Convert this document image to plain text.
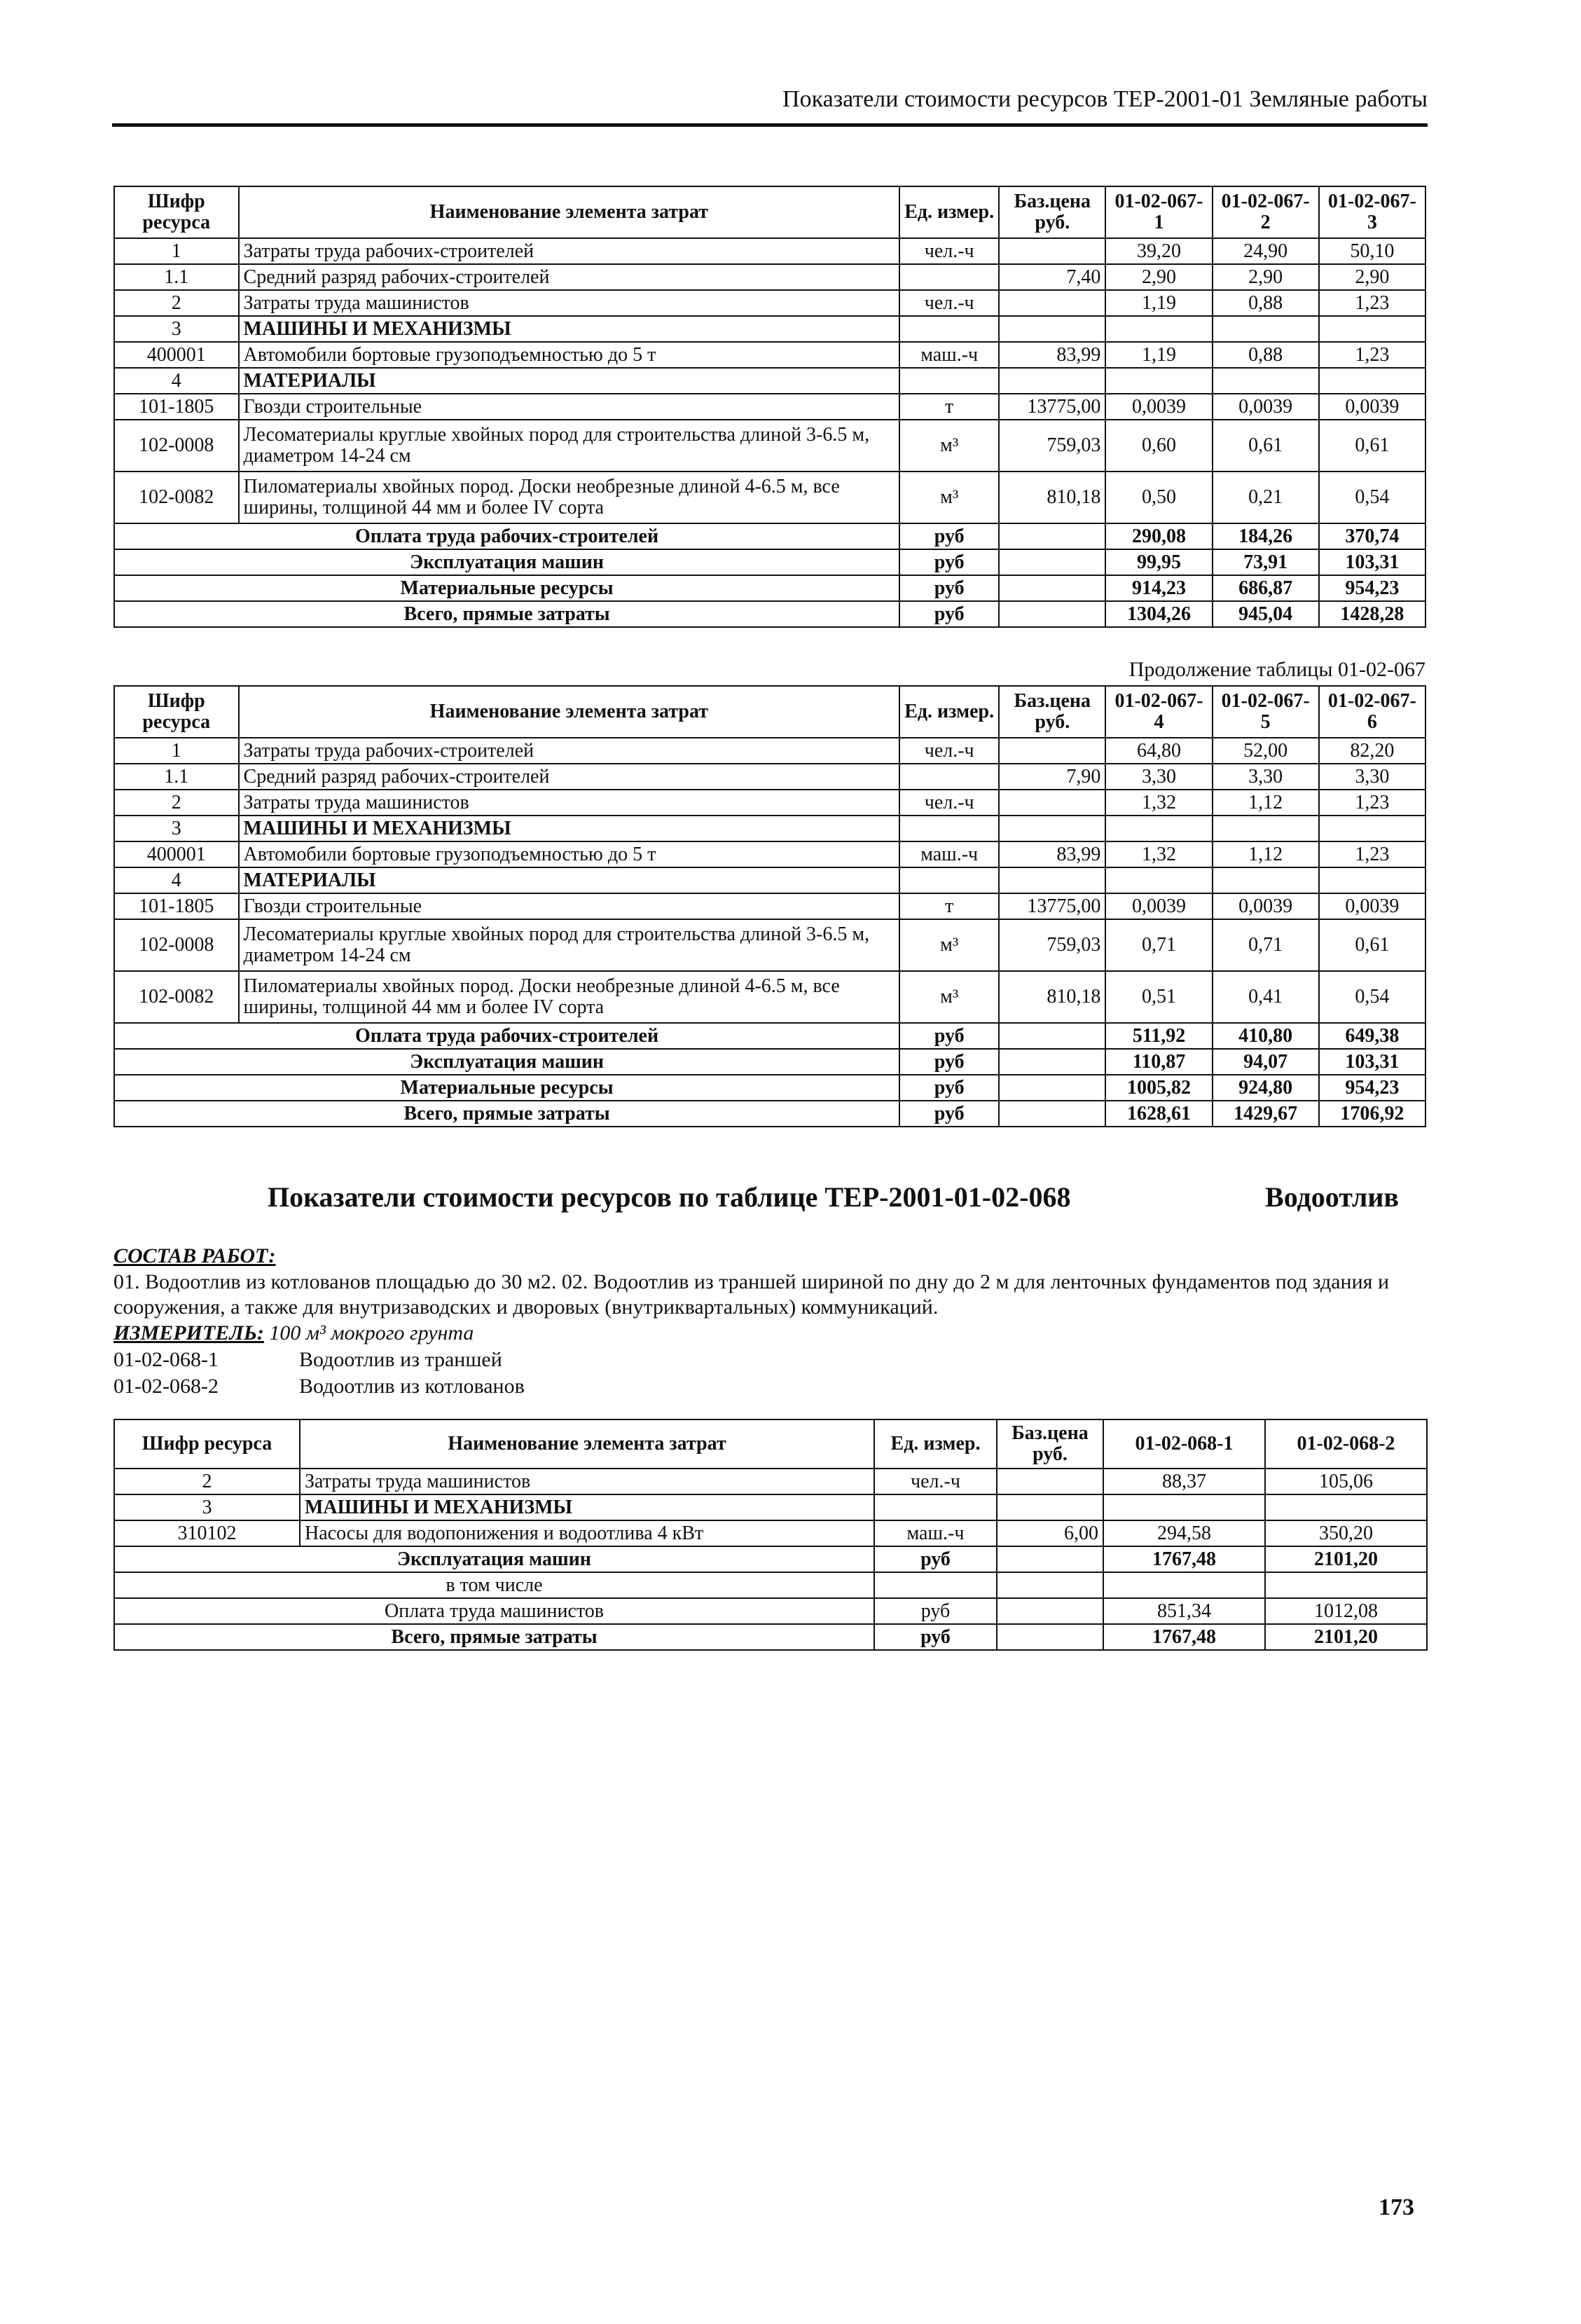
Показатели стоимости ресурсов ТЕР-2001-01 Земляные работы
Шифр ресурса	Наименование элемента затрат	Ед. измер.	Баз.цена руб.	01-02-067-1	01-02-067-2	01-02-067-3
1	Затраты труда рабочих-строителей	чел.-ч		39,20	24,90	50,10
1.1	Средний разряд рабочих-строителей		7,40	2,90	2,90	2,90
2	Затраты труда машинистов	чел.-ч		1,19	0,88	1,23
3	МАШИНЫ И МЕХАНИЗМЫ					
400001	Автомобили бортовые грузоподъемностью до 5 т	маш.-ч	83,99	1,19	0,88	1,23
4	МАТЕРИАЛЫ					
101-1805	Гвозди строительные	т	13775,00	0,0039	0,0039	0,0039
102-0008	Лесоматериалы круглые хвойных пород для строительства длиной 3-6.5 м, диаметром 14-24 см	м³	759,03	0,60	0,61	0,61
102-0082	Пиломатериалы хвойных пород. Доски необрезные длиной 4-6.5 м, все ширины, толщиной 44 мм и более IV сорта	м³	810,18	0,50	0,21	0,54
Оплата труда рабочих-строителей		руб		290,08	184,26	370,74
Эксплуатация машин		руб		99,95	73,91	103,31
Материальные ресурсы		руб		914,23	686,87	954,23
Всего, прямые затраты		руб		1304,26	945,04	1428,28
Продолжение таблицы 01-02-067
Шифр ресурса	Наименование элемента затрат	Ед. измер.	Баз.цена руб.	01-02-067-4	01-02-067-5	01-02-067-6
1	Затраты труда рабочих-строителей	чел.-ч		64,80	52,00	82,20
1.1	Средний разряд рабочих-строителей		7,90	3,30	3,30	3,30
2	Затраты труда машинистов	чел.-ч		1,32	1,12	1,23
3	МАШИНЫ И МЕХАНИЗМЫ					
400001	Автомобили бортовые грузоподъемностью до 5 т	маш.-ч	83,99	1,32	1,12	1,23
4	МАТЕРИАЛЫ					
101-1805	Гвозди строительные	т	13775,00	0,0039	0,0039	0,0039
102-0008	Лесоматериалы круглые хвойных пород для строительства длиной 3-6.5 м, диаметром 14-24 см	м³	759,03	0,71	0,71	0,61
102-0082	Пиломатериалы хвойных пород. Доски необрезные длиной 4-6.5 м, все ширины, толщиной 44 мм и более IV сорта	м³	810,18	0,51	0,41	0,54
Оплата труда рабочих-строителей		руб		511,92	410,80	649,38
Эксплуатация машин		руб		110,87	94,07	103,31
Материальные ресурсы		руб		1005,82	924,80	954,23
Всего, прямые затраты		руб		1628,61	1429,67	1706,92
Показатели стоимости ресурсов по таблице ТЕР-2001-01-02-068	Водоотлив
СОСТАВ РАБОТ:
01. Водоотлив из котлованов площадью до 30 м2. 02. Водоотлив из траншей шириной по дну до 2 м для ленточных фундаментов под здания и сооружения, а также для внутризаводских и дворовых (внутриквартальных) коммуникаций.
ИЗМЕРИТЕЛЬ: 100 м³ мокрого грунта
01-02-068-1	Водоотлив из траншей
01-02-068-2	Водоотлив из котлованов
Шифр ресурса	Наименование элемента затрат	Ед. измер.	Баз.цена руб.	01-02-068-1	01-02-068-2
2	Затраты труда машинистов	чел.-ч		88,37	105,06
3	МАШИНЫ И МЕХАНИЗМЫ				
310102	Насосы для водопонижения и водоотлива 4 кВт	маш.-ч	6,00	294,58	350,20
Эксплуатация машин		руб		1767,48	2101,20
в том числе					
Оплата труда машинистов		руб		851,34	1012,08
Всего, прямые затраты		руб		1767,48	2101,20
173
